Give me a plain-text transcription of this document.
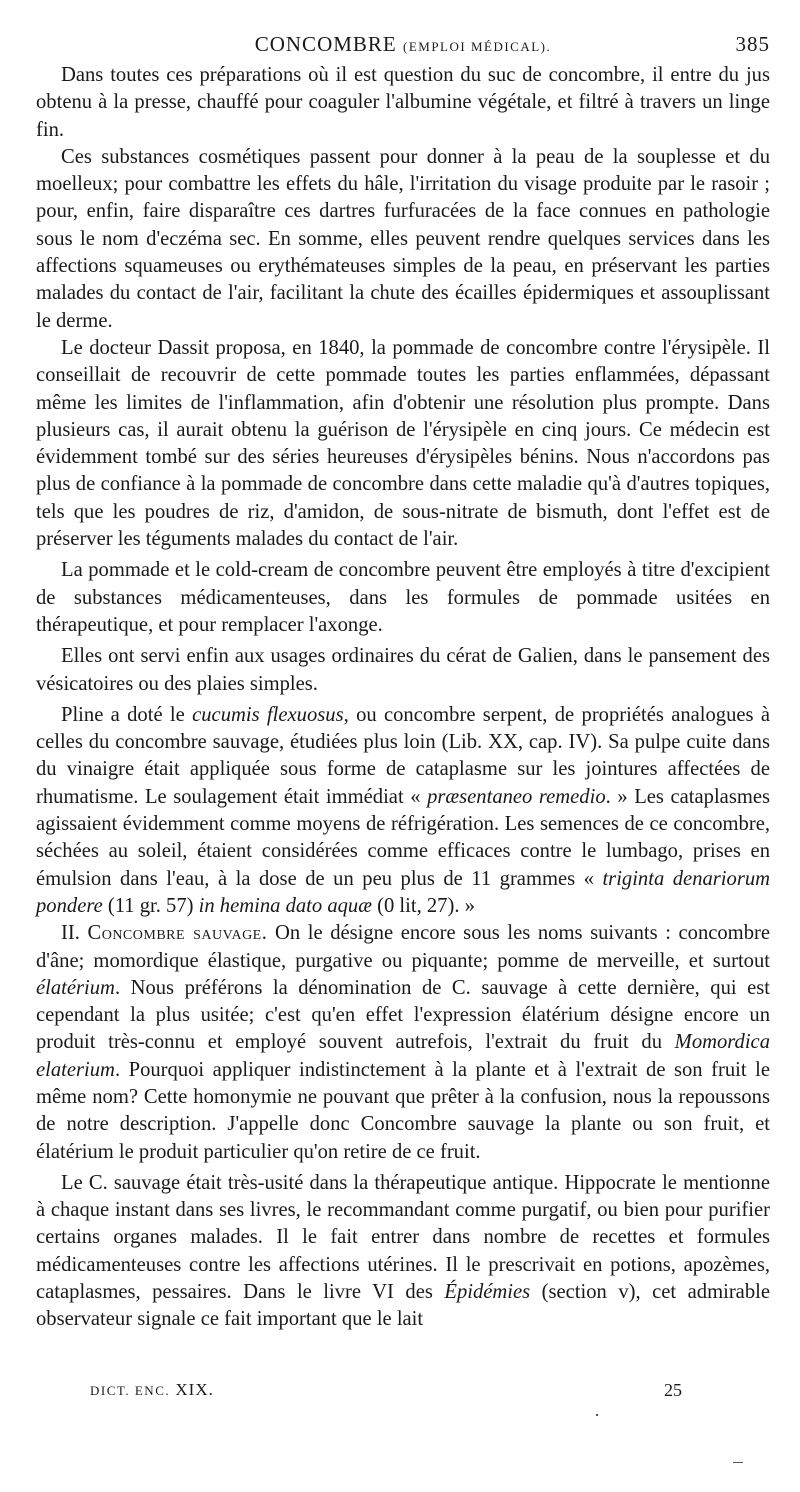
CONCOMBRE (EMPLOI MÉDICAL).	385

Dans toutes ces préparations où il est question du suc de concombre, il entre du jus obtenu à la presse, chauffé pour coaguler l'albumine végétale, et filtré à travers un linge fin.

Ces substances cosmétiques passent pour donner à la peau de la souplesse et du moelleux; pour combattre les effets du hâle, l'irritation du visage produite par le rasoir ; pour, enfin, faire disparaître ces dartres furfuracées de la face connues en pathologie sous le nom d'eczéma sec. En somme, elles peuvent rendre quelques services dans les affections squameuses ou erythémateuses simples de la peau, en préservant les parties malades du contact de l'air, facilitant la chute des écailles épidermiques et assouplissant le derme.

Le docteur Dassit proposa, en 1840, la pommade de concombre contre l'érysipèle. Il conseillait de recouvrir de cette pommade toutes les parties enflammées, dépassant même les limites de l'inflammation, afin d'obtenir une résolution plus prompte. Dans plusieurs cas, il aurait obtenu la guérison de l'érysipèle en cinq jours. Ce médecin est évidemment tombé sur des séries heureuses d'érysipèles bénins. Nous n'accordons pas plus de confiance à la pommade de concombre dans cette maladie qu'à d'autres topiques, tels que les poudres de riz, d'amidon, de sous-nitrate de bismuth, dont l'effet est de préserver les téguments malades du contact de l'air.

La pommade et le cold-cream de concombre peuvent être employés à titre d'excipient de substances médicamenteuses, dans les formules de pommade usitées en thérapeutique, et pour remplacer l'axonge.

Elles ont servi enfin aux usages ordinaires du cérat de Galien, dans le pansement des vésicatoires ou des plaies simples.

Pline a doté le cucumis flexuosus, ou concombre serpent, de propriétés analogues à celles du concombre sauvage, étudiées plus loin (Lib. XX, cap. IV). Sa pulpe cuite dans du vinaigre était appliquée sous forme de cataplasme sur les jointures affectées de rhumatisme. Le soulagement était immédiat « præsentaneo remedio. » Les cataplasmes agissaient évidemment comme moyens de réfrigération. Les semences de ce concombre, séchées au soleil, étaient considérées comme efficaces contre le lumbago, prises en émulsion dans l'eau, à la dose de un peu plus de 11 grammes « triginta denariorum pondere (11 gr. 57) in hemina dato aquæ (0 lit, 27). »

II. Concombre sauvage. On le désigne encore sous les noms suivants : concombre d'âne; momordique élastique, purgative ou piquante; pomme de merveille, et surtout élatérium. Nous préférons la dénomination de C. sauvage à cette dernière, qui est cependant la plus usitée; c'est qu'en effet l'expression élatérium désigne encore un produit très-connu et employé souvent autrefois, l'extrait du fruit du Momordica elaterium. Pourquoi appliquer indistinctement à la plante et à l'extrait de son fruit le même nom? Cette homonymie ne pouvant que prêter à la confusion, nous la repoussons de notre description. J'appelle donc Concombre sauvage la plante ou son fruit, et élatérium le produit particulier qu'on retire de ce fruit.

Le C. sauvage était très-usité dans la thérapeutique antique. Hippocrate le mentionne à chaque instant dans ses livres, le recommandant comme purgatif, ou bien pour purifier certains organes malades. Il le fait entrer dans nombre de recettes et formules médicamenteuses contre les affections utérines. Il le prescrivait en potions, apozèmes, cataplasmes, pessaires. Dans le livre VI des Épidémies (section v), cet admirable observateur signale ce fait important que le lait

DICT. ENC. XIX.	25
